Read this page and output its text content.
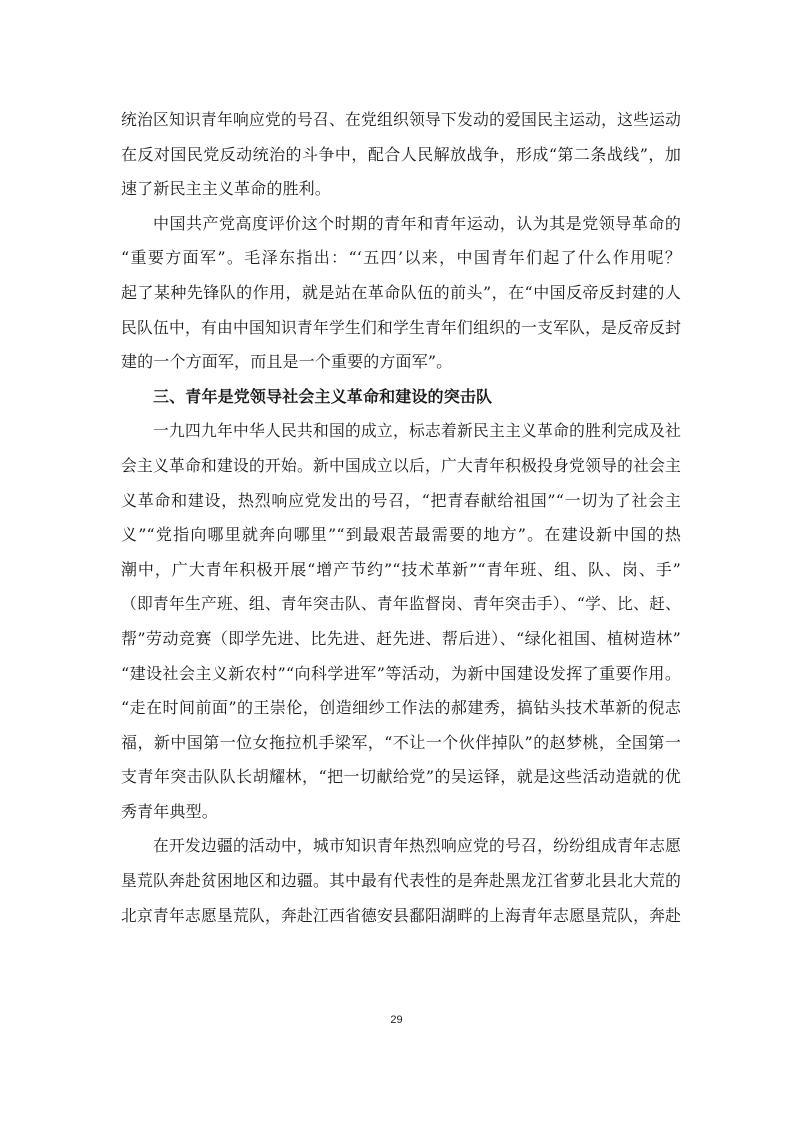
统治区知识青年响应党的号召、在党组织领导下发动的爱国民主运动，这些运动
在反对国民党反动统治的斗争中，配合人民解放战争，形成“第二条战线”，加
速了新民主主义革命的胜利。
中国共产党高度评价这个时期的青年和青年运动，认为其是党领导革命的
“重要方面军”。毛泽东指出：“‘五四’以来，中国青年们起了什么作用呢？
起了某种先锋队的作用，就是站在革命队伍的前头”，在“中国反帝反封建的人
民队伍中，有由中国知识青年学生们和学生青年们组织的一支军队，是反帝反封
建的一个方面军，而且是一个重要的方面军”。
三、青年是党领导社会主义革命和建设的突击队
一九四九年中华人民共和国的成立，标志着新民主主义革命的胜利完成及社
会主义革命和建设的开始。新中国成立以后，广大青年积极投身党领导的社会主
义革命和建设，热烈响应党发出的号召，“把青春献给祖国”“一切为了社会主
义”“党指向哪里就奔向哪里”“到最艰苦最需要的地方”。在建设新中国的热
潮中，广大青年积极开展“增产节约”“技术革新”“青年班、组、队、岗、手”
（即青年生产班、组、青年突击队、青年监督岗、青年突击手）、“学、比、赶、
帮”劳动竞赛（即学先进、比先进、赶先进、帮后进）、“绿化祖国、植树造林”
“建设社会主义新农村”“向科学进军”等活动，为新中国建设发挥了重要作用。
“走在时间前面”的王崇伦，创造细纱工作法的郝建秀，搞钻头技术革新的倪志
福，新中国第一位女拖拉机手梁军，“不让一个伙伴掉队”的赵梦桃，全国第一
支青年突击队队长胡耀林，“把一切献给党”的吴运铎，就是这些活动造就的优
秀青年典型。
在开发边疆的活动中，城市知识青年热烈响应党的号召，纷纷组成青年志愿
垦荒队奔赴贫困地区和边疆。其中最有代表性的是奔赴黑龙江省萝北县北大荒的
北京青年志愿垦荒队，奔赴江西省德安县鄱阳湖畔的上海青年志愿垦荒队，奔赴
29
